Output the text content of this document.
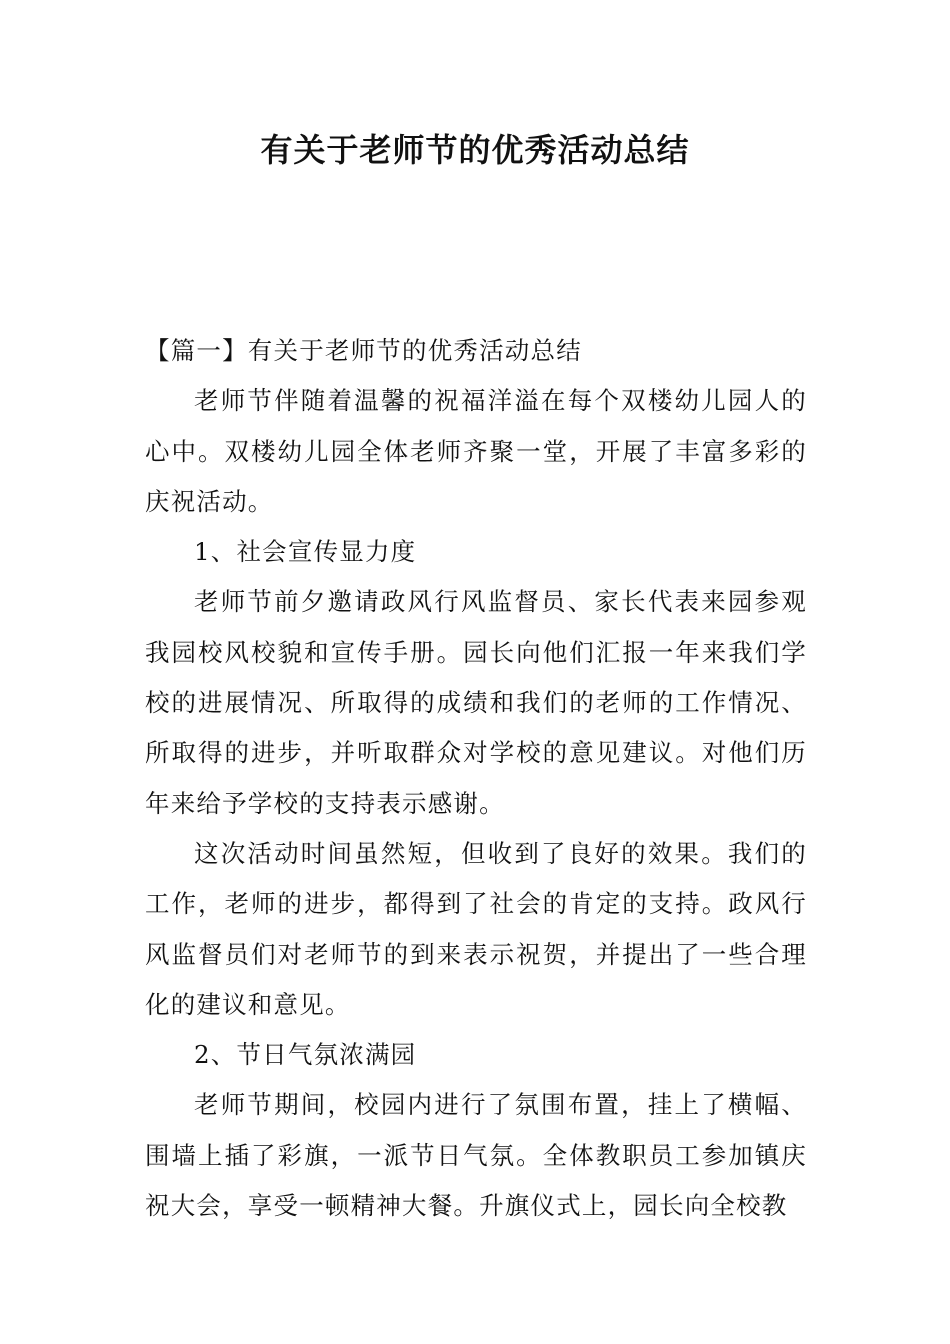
有关于老师节的优秀活动总结

【篇一】有关于老师节的优秀活动总结

老师节伴随着温馨的祝福洋溢在每个双楼幼儿园人的心中。双楼幼儿园全体老师齐聚一堂，开展了丰富多彩的庆祝活动。

1、社会宣传显力度

老师节前夕邀请政风行风监督员、家长代表来园参观我园校风校貌和宣传手册。园长向他们汇报一年来我们学校的进展情况、所取得的成绩和我们的老师的工作情况、所取得的进步，并听取群众对学校的意见建议。对他们历年来给予学校的支持表示感谢。

这次活动时间虽然短，但收到了良好的效果。我们的工作，老师的进步，都得到了社会的肯定的支持。政风行风监督员们对老师节的到来表示祝贺，并提出了一些合理化的建议和意见。

2、节日气氛浓满园

老师节期间，校园内进行了氛围布置，挂上了横幅、围墙上插了彩旗，一派节日气氛。全体教职员工参加镇庆祝大会，享受一顿精神大餐。升旗仪式上，园长向全校教
